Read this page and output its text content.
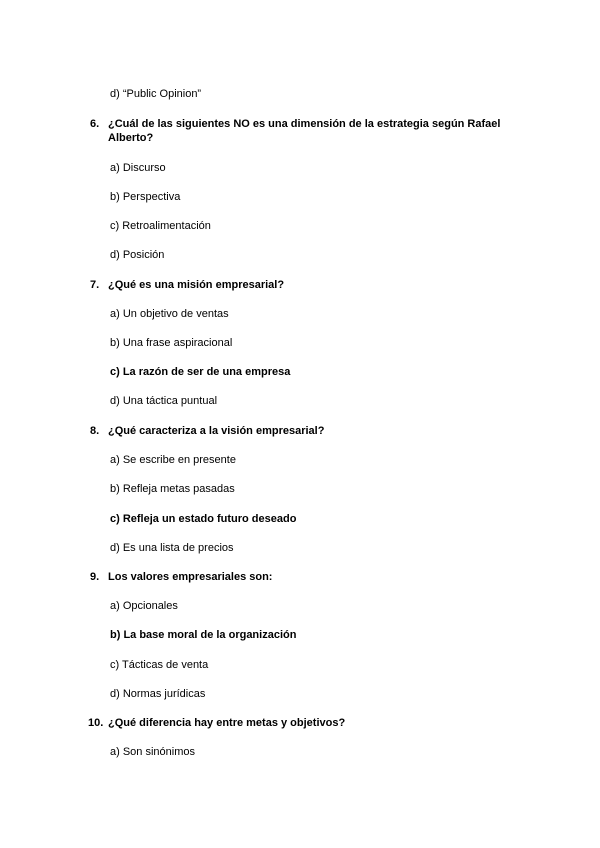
d) “Public Opinion”
6. ¿Cuál de las siguientes NO es una dimensión de la estrategia según Rafael Alberto?
a) Discurso
b) Perspectiva
c) Retroalimentación
d) Posición
7. ¿Qué es una misión empresarial?
a) Un objetivo de ventas
b) Una frase aspiracional
c) La razón de ser de una empresa
d) Una táctica puntual
8. ¿Qué caracteriza a la visión empresarial?
a) Se escribe en presente
b) Refleja metas pasadas
c) Refleja un estado futuro deseado
d) Es una lista de precios
9. Los valores empresariales son:
a) Opcionales
b) La base moral de la organización
c) Tácticas de venta
d) Normas jurídicas
10. ¿Qué diferencia hay entre metas y objetivos?
a) Son sinónimos
